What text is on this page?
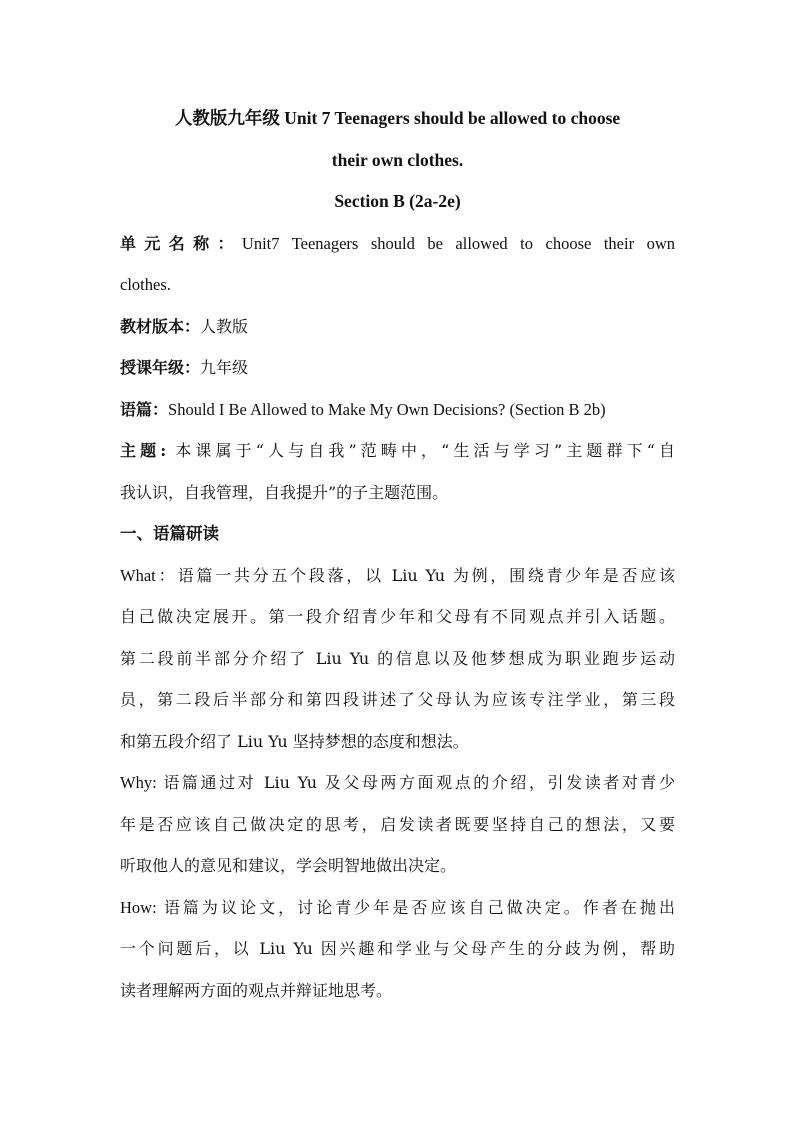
人教版九年级 Unit 7 Teenagers should be allowed to choose

their own clothes.

Section B (2a-2e)

单元名称：Unit7 Teenagers should be allowed to choose their own

clothes.

教材版本：人教版

授课年级：九年级

语篇：Should I Be Allowed to Make My Own Decisions? (Section B 2b)

主题: 本课属于“人与自我”范畴中，“生活与学习”主题群下“自

我认识，自我管理，自我提升”的子主题范围。

一、语篇研读

What：语篇一共分五个段落，以 Liu Yu 为例，围绕青少年是否应该

自己做决定展开。第一段介绍青少年和父母有不同观点并引入话题。

第二段前半部分介绍了 Liu Yu 的信息以及他梦想成为职业跑步运动

员，第二段后半部分和第四段讲述了父母认为应该专注学业，第三段

和第五段介绍了 Liu Yu 坚持梦想的态度和想法。

Why: 语篇通过对 Liu Yu 及父母两方面观点的介绍，引发读者对青少

年是否应该自己做决定的思考，启发读者既要坚持自己的想法，又要

听取他人的意见和建议，学会明智地做出决定。

How: 语篇为议论文，讨论青少年是否应该自己做决定。作者在抛出

一个问题后，以 Liu Yu 因兴趣和学业与父母产生的分歧为例，帮助

读者理解两方面的观点并辩证地思考。
